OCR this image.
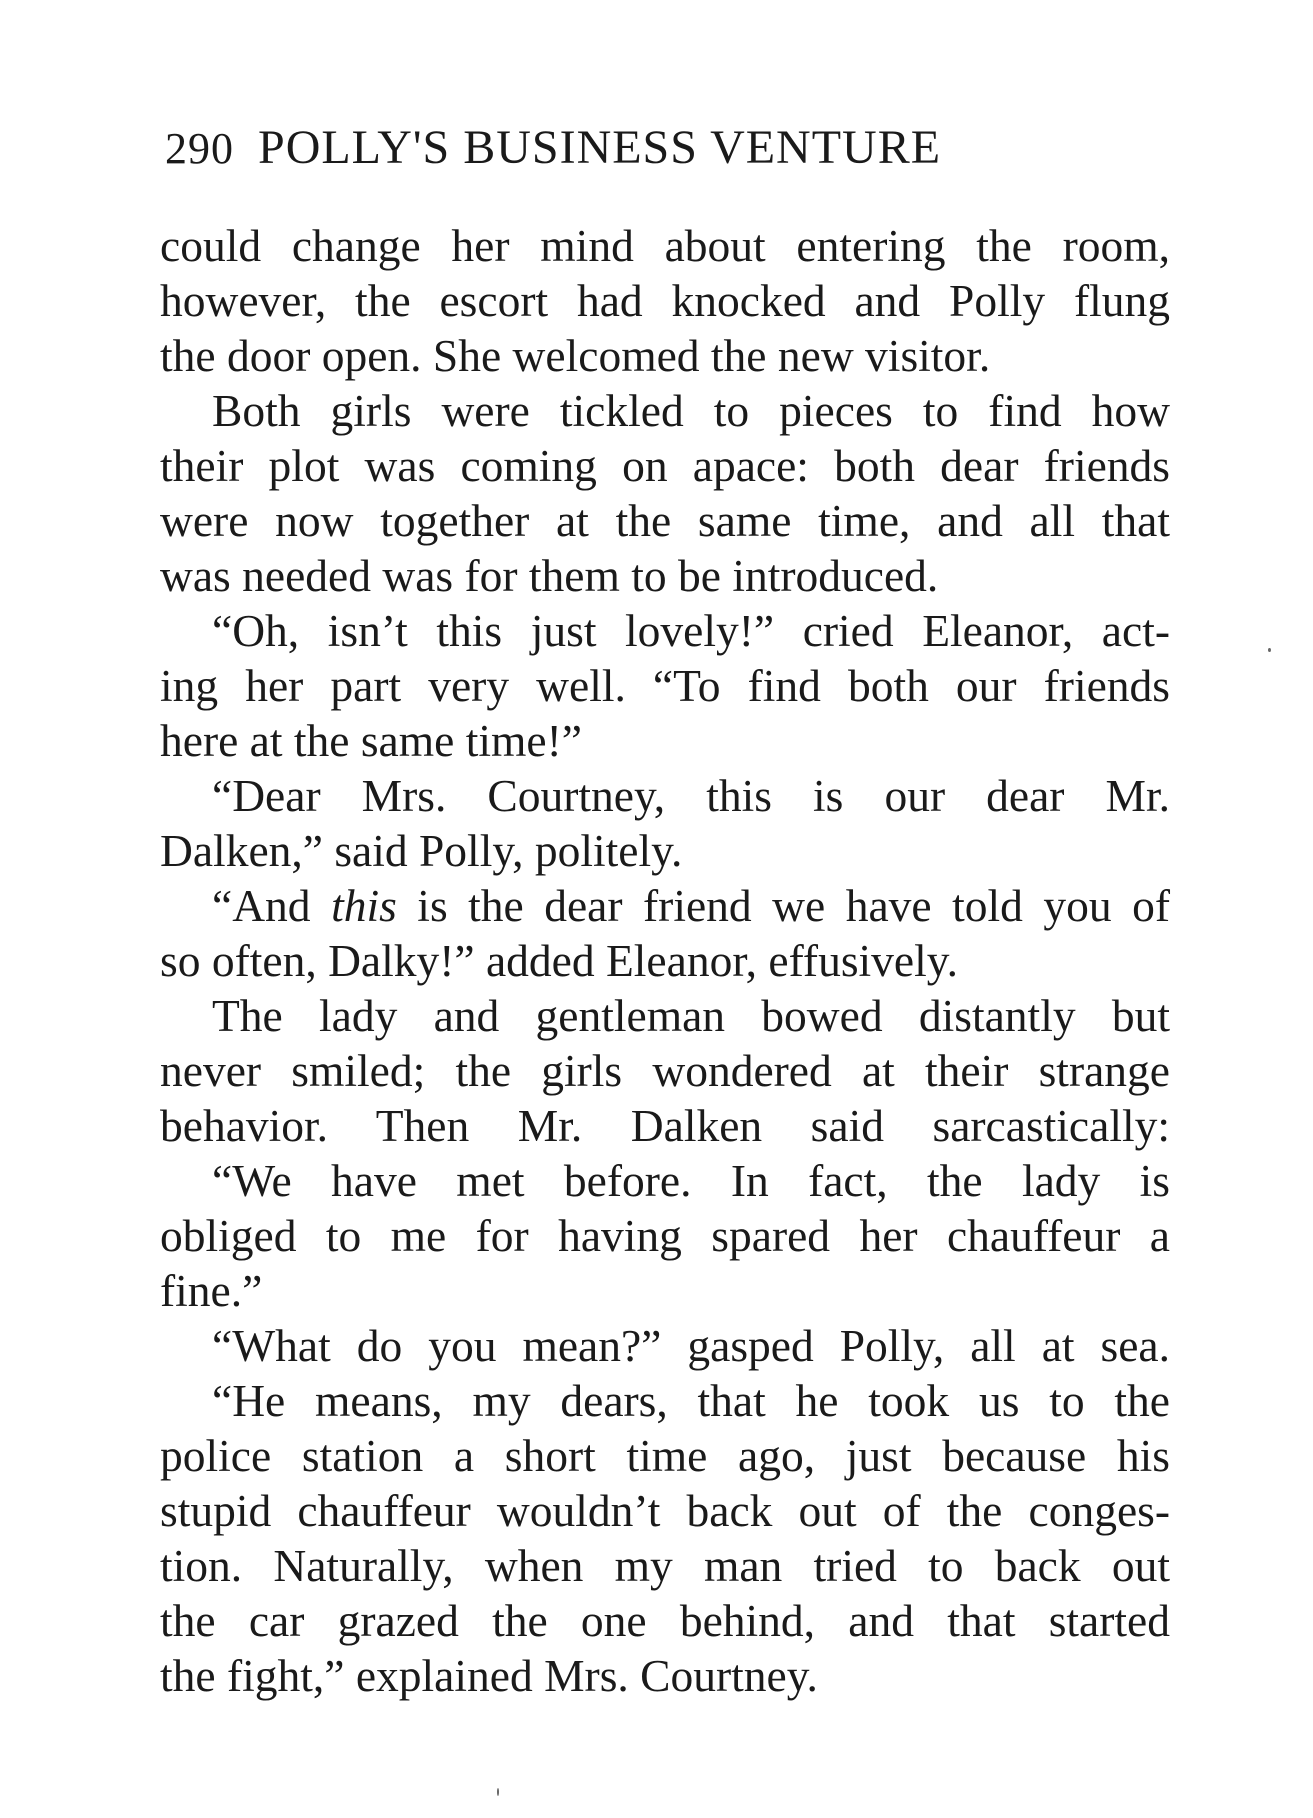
290 POLLY'S BUSINESS VENTURE
could change her mind about entering the room,
however, the escort had knocked and Polly flung
the door open. She welcomed the new visitor.
Both girls were tickled to pieces to find how
their plot was coming on apace: both dear friends
were now together at the same time, and all that
was needed was for them to be introduced.
“Oh, isn’t this just lovely!” cried Eleanor, act-
ing her part very well. “To find both our friends
here at the same time!”
“Dear Mrs. Courtney, this is our dear Mr.
Dalken,” said Polly, politely.
“And this is the dear friend we have told you of
so often, Dalky!” added Eleanor, effusively.
The lady and gentleman bowed distantly but
never smiled; the girls wondered at their strange
behavior. Then Mr. Dalken said sarcastically:
“We have met before. In fact, the lady is
obliged to me for having spared her chauffeur a
fine.”
“What do you mean?” gasped Polly, all at sea.
“He means, my dears, that he took us to the
police station a short time ago, just because his
stupid chauffeur wouldn’t back out of the conges-
tion. Naturally, when my man tried to back out
the car grazed the one behind, and that started
the fight,” explained Mrs. Courtney.
